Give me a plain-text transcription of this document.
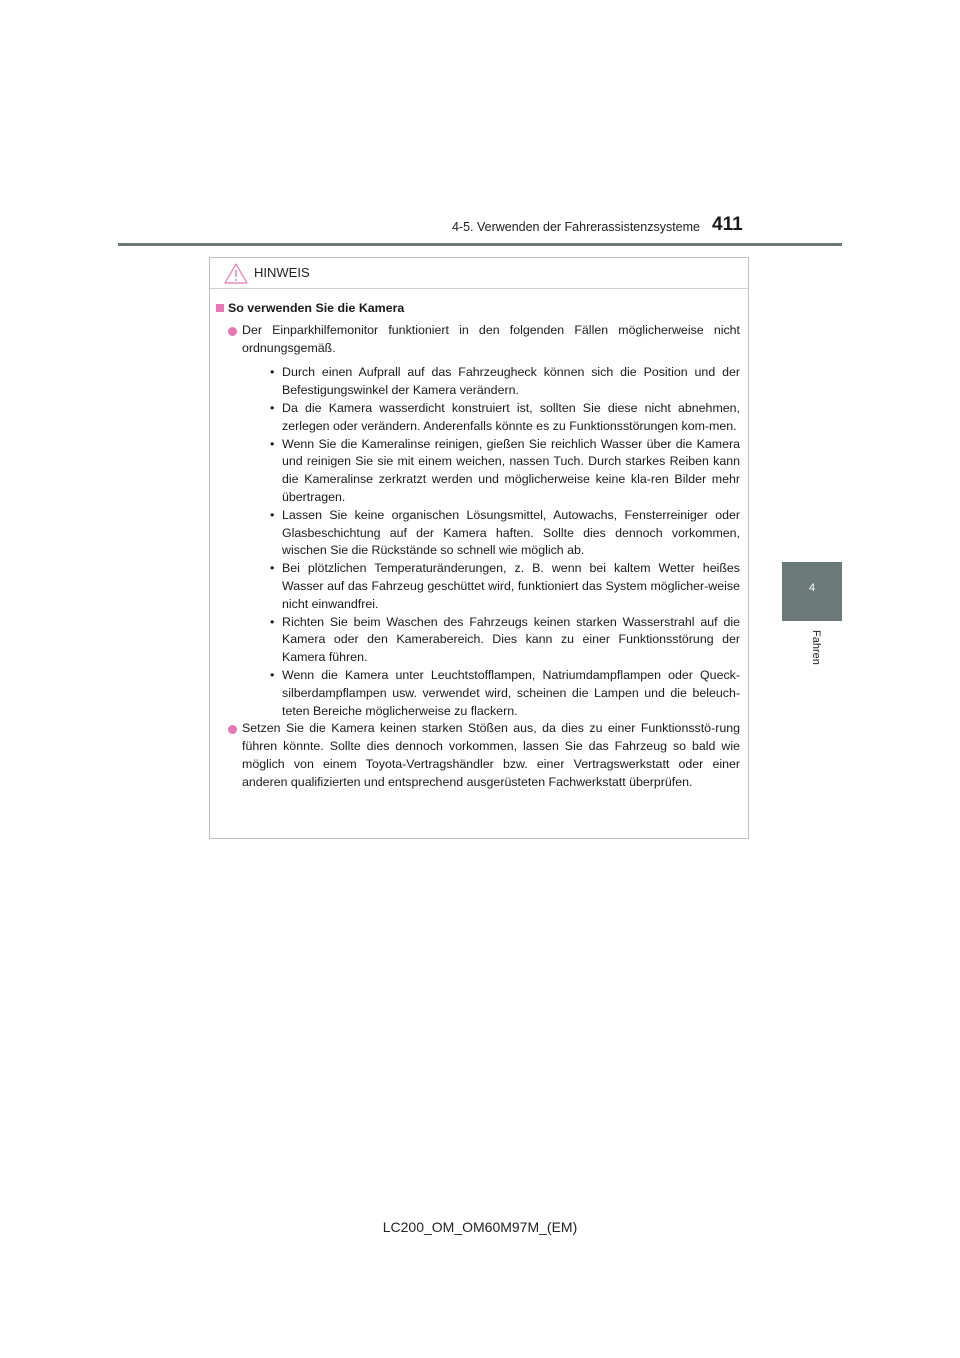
4-5. Verwenden der Fahrerassistenzsysteme 411
4
Fahren
HINWEIS
So verwenden Sie die Kamera
Der Einparkhilfemonitor funktioniert in den folgenden Fällen möglicherweise nicht ordnungsgemäß.
• Durch einen Aufprall auf das Fahrzeugheck können sich die Position und der Befestigungswinkel der Kamera verändern.
• Da die Kamera wasserdicht konstruiert ist, sollten Sie diese nicht abnehmen, zerlegen oder verändern. Anderenfalls könnte es zu Funktionsstörungen kom-men.
• Wenn Sie die Kameralinse reinigen, gießen Sie reichlich Wasser über die Kamera und reinigen Sie sie mit einem weichen, nassen Tuch. Durch starkes Reiben kann die Kameralinse zerkratzt werden und möglicherweise keine kla-ren Bilder mehr übertragen.
• Lassen Sie keine organischen Lösungsmittel, Autowachs, Fensterreiniger oder Glasbeschichtung auf der Kamera haften. Sollte dies dennoch vorkommen, wischen Sie die Rückstände so schnell wie möglich ab.
• Bei plötzlichen Temperaturänderungen, z. B. wenn bei kaltem Wetter heißes Wasser auf das Fahrzeug geschüttet wird, funktioniert das System möglicher-weise nicht einwandfrei.
• Richten Sie beim Waschen des Fahrzeugs keinen starken Wasserstrahl auf die Kamera oder den Kamerabereich. Dies kann zu einer Funktionsstörung der Kamera führen.
• Wenn die Kamera unter Leuchtstofflampen, Natriumdampflampen oder Queck-silberdampflampen usw. verwendet wird, scheinen die Lampen und die beleuch-teten Bereiche möglicherweise zu flackern.
Setzen Sie die Kamera keinen starken Stößen aus, da dies zu einer Funktionsstö-rung führen könnte. Sollte dies dennoch vorkommen, lassen Sie das Fahrzeug so bald wie möglich von einem Toyota-Vertragshändler bzw. einer Vertragswerkstatt oder einer anderen qualifizierten und entsprechend ausgerüsteten Fachwerkstatt überprüfen.
LC200_OM_OM60M97M_(EM)
